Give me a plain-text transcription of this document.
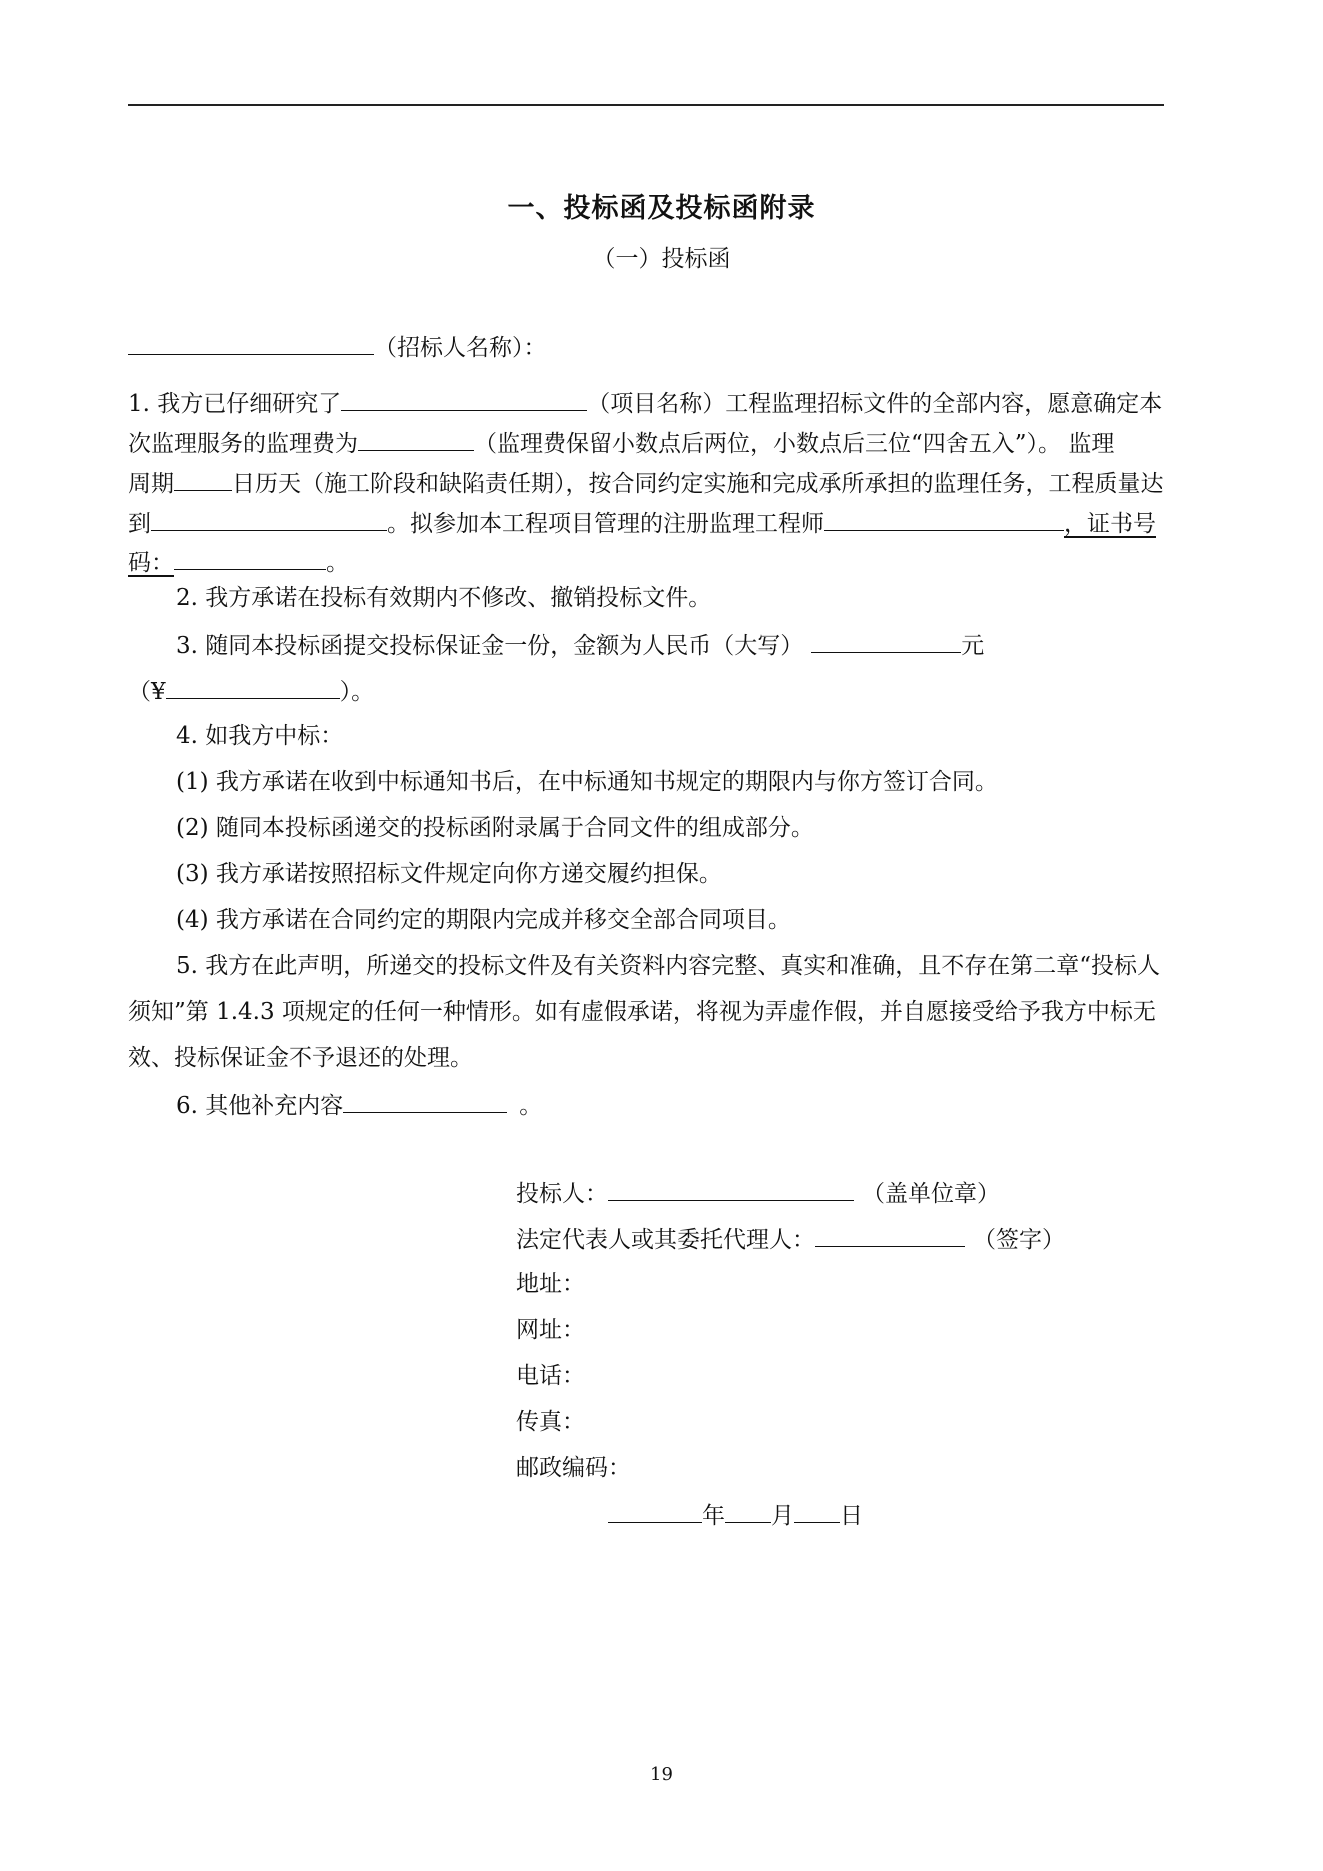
一、投标函及投标函附录
（一）投标函
（招标人名称）：
1. 我方已仔细研究了	（项目名称）工程监理招标文件的全部内容，愿意确定本
次监理服务的监理费为	（监理费保留小数点后两位，小数点后三位“四舍五入”）。 监理
周期	日历天（施工阶段和缺陷责任期），按合同约定实施和完成承所承担的监理任务，工程质量达
到	。拟参加本工程项目管理的注册监理工程师	，证书号
码：	。
2. 我方承诺在投标有效期内不修改、撤销投标文件。
3. 随同本投标函提交投标保证金一份，金额为人民币（大写）	元
（¥	）。
4. 如我方中标：
(1) 我方承诺在收到中标通知书后，在中标通知书规定的期限内与你方签订合同。
(2) 随同本投标函递交的投标函附录属于合同文件的组成部分。
(3) 我方承诺按照招标文件规定向你方递交履约担保。
(4) 我方承诺在合同约定的期限内完成并移交全部合同项目。
5. 我方在此声明，所递交的投标文件及有关资料内容完整、真实和准确，且不存在第二章“投标人
须知”第 1.4.3 项规定的任何一种情形。如有虚假承诺，将视为弄虚作假，并自愿接受给予我方中标无
效、投标保证金不予退还的处理。
6. 其他补充内容	。
投标人：	（盖单位章）
法定代表人或其委托代理人：	（签字）
地址：
网址：
电话：
传真：
邮政编码：
年 月 日
19
